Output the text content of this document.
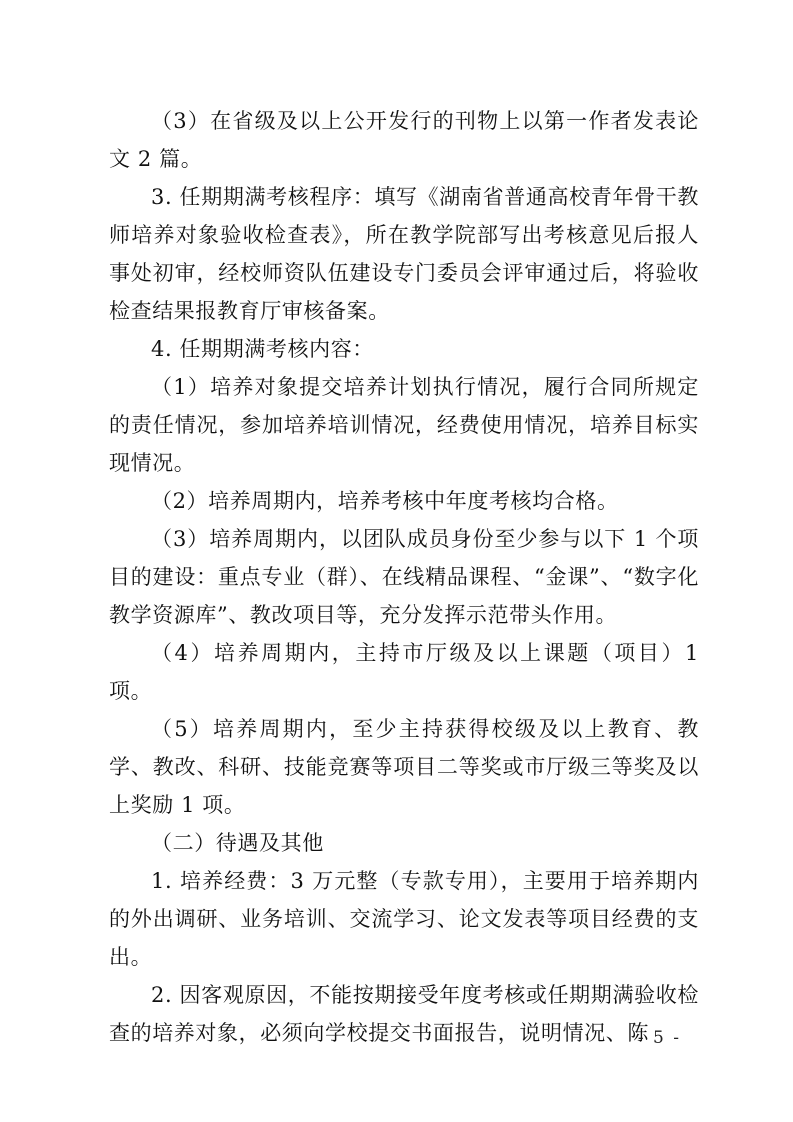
（3）在省级及以上公开发行的刊物上以第一作者发表论文 2 篇。

3. 任期期满考核程序：填写《湖南省普通高校青年骨干教师培养对象验收检查表》，所在教学院部写出考核意见后报人事处初审，经校师资队伍建设专门委员会评审通过后，将验收检查结果报教育厅审核备案。

4. 任期期满考核内容：

（1）培养对象提交培养计划执行情况，履行合同所规定的责任情况，参加培养培训情况，经费使用情况，培养目标实现情况。

（2）培养周期内，培养考核中年度考核均合格。

（3）培养周期内，以团队成员身份至少参与以下 1 个项目的建设：重点专业（群）、在线精品课程、“金课”、“数字化教学资源库”、教改项目等，充分发挥示范带头作用。

（4）培养周期内，主持市厅级及以上课题（项目）1 项。

（5）培养周期内，至少主持获得校级及以上教育、教学、教改、科研、技能竞赛等项目二等奖或市厅级三等奖及以上奖励 1 项。

（二）待遇及其他

1. 培养经费：3 万元整（专款专用），主要用于培养期内的外出调研、业务培训、交流学习、论文发表等项目经费的支出。

2. 因客观原因，不能按期接受年度考核或任期期满验收检查的培养对象，必须向学校提交书面报告，说明情况、陈

- 5 -
